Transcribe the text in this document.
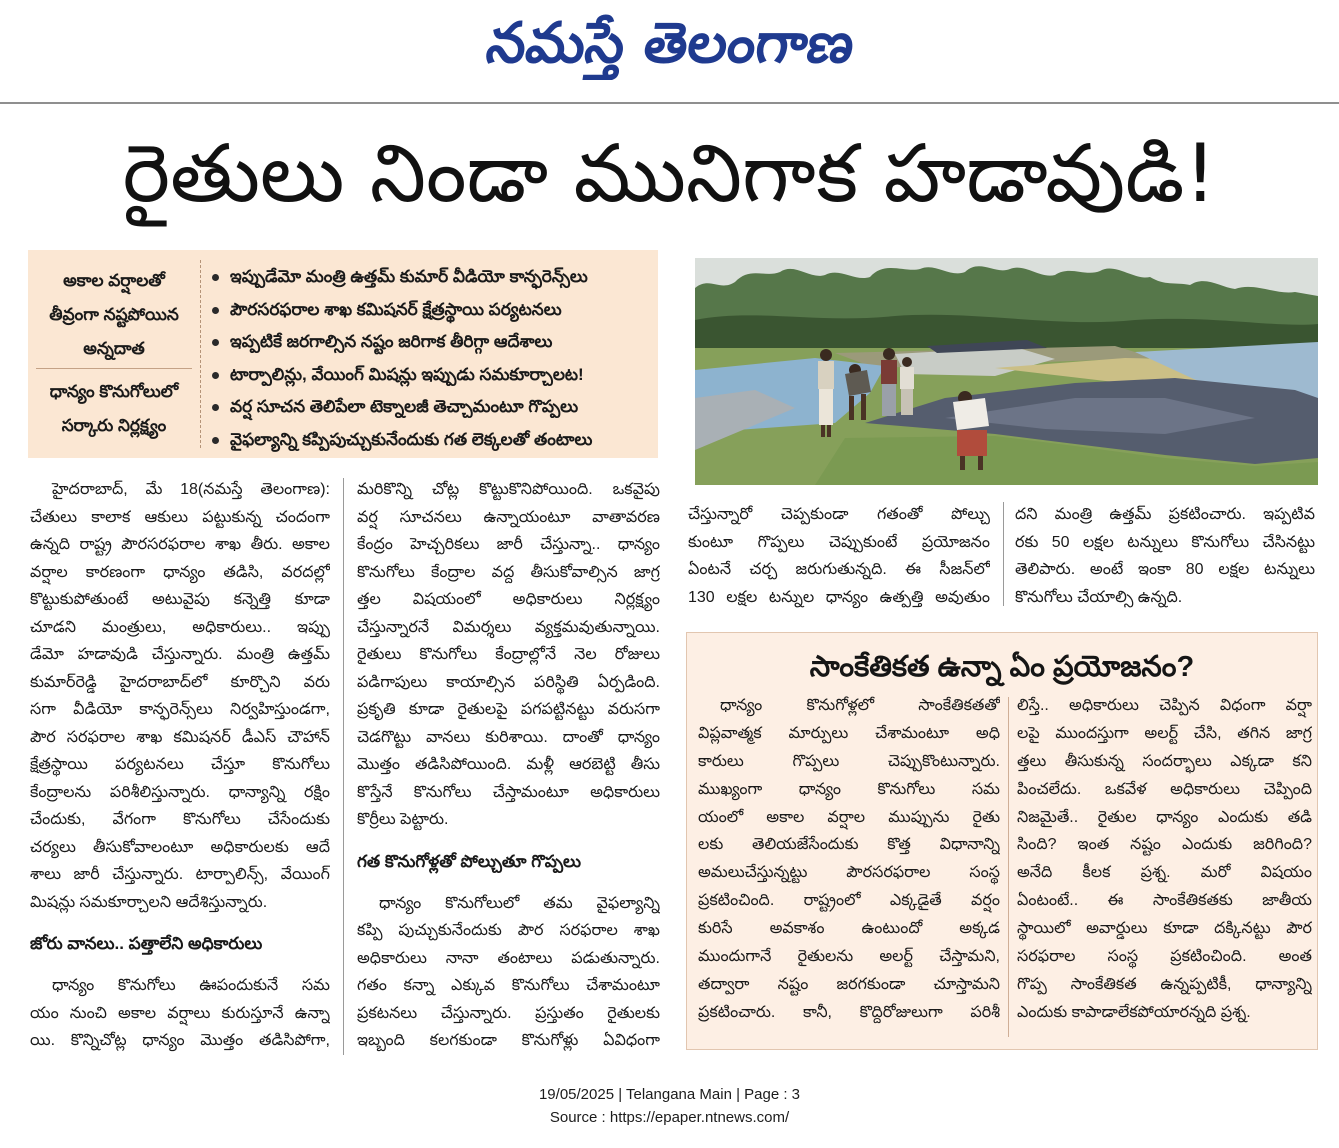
నమస్తే తెలంగాణ
రైతులు నిండా మునిగాక హడావుడి!
అకాల వర్షాలతో
తీవ్రంగా నష్టపోయిన
అన్నదాత
ధాన్యం కొనుగోలులో
సర్కారు నిర్లక్ష్యం
ఇప్పుడేమో మంత్రి ఉత్తమ్ కుమార్ వీడియో కాన్ఫరెన్స్‌లు
పౌరసరఫరాల శాఖ కమిషనర్ క్షేత్రస్థాయి పర్యటనలు
ఇప్పటికే జరగాల్సిన నష్టం జరిగాక తీరిగ్గా ఆదేశాలు
టార్పాలిన్లు, వేయింగ్ మిషన్లు ఇప్పుడు సమకూర్చాలట!
వర్ష సూచన తెలిపేలా టెక్నాలజీ తెచ్చామంటూ గొప్పలు
వైఫల్యాన్ని కప్పిపుచ్చుకునేందుకు గత లెక్కలతో తంటాలు
హైదరాబాద్, మే 18(నమస్తే తెలంగాణ):
చేతులు కాలాక ఆకులు పట్టుకున్న చందంగా
ఉన్నది రాష్ట్ర పౌరసరఫరాల శాఖ తీరు. అకాల
వర్షాల కారణంగా ధాన్యం తడిసి, వరదల్లో
కొట్టుకుపోతుంటే అటువైపు కన్నెత్తి కూడా
చూడని మంత్రులు, అధికారులు.. ఇప్పు
డేమో హడావుడి చేస్తున్నారు. మంత్రి ఉత్తమ్
కుమార్‌రెడ్డి హైదరాబాద్‌లో కూర్చొని వరు
సగా వీడియో కాన్ఫరెన్స్‌లు నిర్వహిస్తుండగా,
పౌర సరఫరాల శాఖ కమిషనర్ డీఎస్ చౌహాన్
క్షేత్రస్థాయి పర్యటనలు చేస్తూ కొనుగోలు
కేంద్రాలను పరిశీలిస్తున్నారు. ధాన్యాన్ని రక్షిం
చేందుకు, వేగంగా కొనుగోలు చేసేందుకు
చర్యలు తీసుకోవాలంటూ అధికారులకు ఆదే
శాలు జారీ చేస్తున్నారు. టార్పాలిన్స్, వేయింగ్
మిషన్లు సమకూర్చాలని ఆదేశిస్తున్నారు.
జోరు వానలు.. పత్తాలేని అధికారులు
ధాన్యం కొనుగోలు ఊపందుకునే సమ
యం నుంచి అకాల వర్షాలు కురుస్తూనే ఉన్నా
యి. కొన్నిచోట్ల ధాన్యం మొత్తం తడిసిపోగా,
మరికొన్ని చోట్ల కొట్టుకొనిపోయింది. ఒకవైపు
వర్ష సూచనలు ఉన్నాయంటూ వాతావరణ
కేంద్రం హెచ్చరికలు జారీ చేస్తున్నా.. ధాన్యం
కొనుగోలు కేంద్రాల వద్ద తీసుకోవాల్సిన జాగ్ర
త్తల విషయంలో అధికారులు నిర్లక్ష్యం
చేస్తున్నారనే విమర్శలు వ్యక్తమవుతున్నాయి.
రైతులు కొనుగోలు కేంద్రాల్లోనే నెల రోజులు
పడిగాపులు కాయాల్సిన పరిస్థితి ఏర్పడింది.
ప్రకృతి కూడా రైతులపై పగపట్టినట్టు వరుసగా
చెడగొట్టు వానలు కురిశాయి. దాంతో ధాన్యం
మొత్తం తడిసిపోయింది. మళ్లీ ఆరబెట్టి తీసు
కొస్తేనే కొనుగోలు చేస్తామంటూ అధికారులు
కొర్రీలు పెట్టారు.
గత కొనుగోళ్లతో పోల్చుతూ గొప్పలు
ధాన్యం కొనుగోలులో తమ వైఫల్యాన్ని
కప్పి పుచ్చుకునేందుకు పౌర సరఫరాల శాఖ
అధికారులు నానా తంటాలు పడుతున్నారు.
గతం కన్నా ఎక్కువ కొనుగోలు చేశామంటూ
ప్రకటనలు చేస్తున్నారు. ప్రస్తుతం రైతులకు
ఇబ్బంది కలగకుండా కొనుగోళ్లు ఏవిధంగా
చేస్తున్నారో చెప్పకుండా గతంతో పోల్చు
కుంటూ గొప్పలు చెప్పుకుంటే ప్రయోజనం
ఏంటనే చర్చ జరుగుతున్నది. ఈ సీజన్‌లో
130 లక్షల టన్నుల ధాన్యం ఉత్పత్తి అవుతుం
దని మంత్రి ఉత్తమ్ ప్రకటించారు. ఇప్పటివ
రకు 50 లక్షల టన్నులు కొనుగోలు చేసినట్టు
తెలిపారు. అంటే ఇంకా 80 లక్షల టన్నులు
కొనుగోలు చేయాల్సి ఉన్నది.
సాంకేతికత ఉన్నా ఏం ప్రయోజనం?
ధాన్యం కొనుగోళ్లలో సాంకేతికతతో
విప్లవాత్మక మార్పులు చేశామంటూ అధి
కారులు గొప్పలు చెప్పుకొంటున్నారు.
ముఖ్యంగా ధాన్యం కొనుగోలు సమ
యంలో అకాల వర్షాల ముప్పును రైతు
లకు తెలియజేసేందుకు కొత్త విధానాన్ని
అమలుచేస్తున్నట్టు పౌరసరఫరాల సంస్థ
ప్రకటించింది. రాష్ట్రంలో ఎక్కడైతే వర్షం
కురిసే అవకాశం ఉంటుందో అక్కడ
ముందుగానే రైతులను అలర్ట్ చేస్తామని,
తద్వారా నష్టం జరగకుండా చూస్తామని
ప్రకటించారు. కానీ, కొద్దిరోజులుగా పరిశీ
లిస్తే.. అధికారులు చెప్పిన విధంగా వర్షా
లపై ముందస్తుగా అలర్ట్ చేసి, తగిన జాగ్ర
త్తలు తీసుకున్న సందర్భాలు ఎక్కడా కని
పించలేదు. ఒకవేళ అధికారులు చెప్పింది
నిజమైతే.. రైతుల ధాన్యం ఎందుకు తడి
సింది? ఇంత నష్టం ఎందుకు జరిగింది?
అనేది కీలక ప్రశ్న. మరో విషయం
ఏంటంటే.. ఈ సాంకేతికతకు జాతీయ
స్థాయిలో అవార్డులు కూడా దక్కినట్టు పౌర
సరఫరాల సంస్థ ప్రకటించింది. అంత
గొప్ప సాంకేతికత ఉన్నప్పటికీ, ధాన్యాన్ని
ఎందుకు కాపాడాలేకపోయారన్నది ప్రశ్న.
19/05/2025 | Telangana Main | Page : 3
Source : https://epaper.ntnews.com/
